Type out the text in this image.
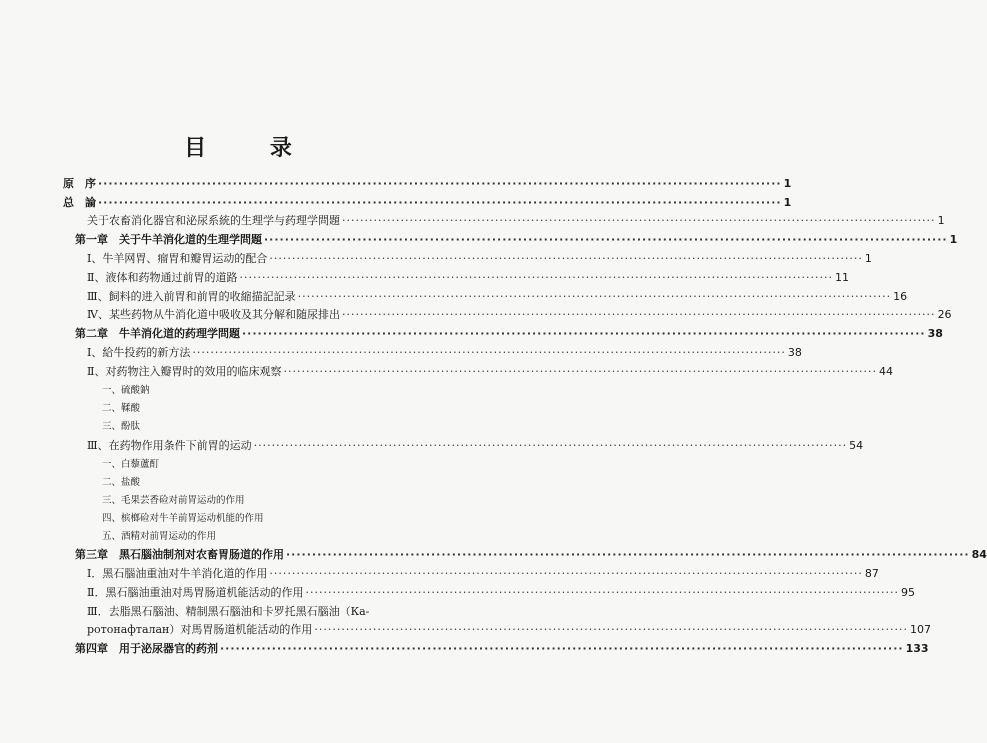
目 录
原　序 ·····	1
总　論 ·····	1
关于农畜消化器官和泌尿系統的生理学与药理学問題 ·····	1
第一章　关于牛羊消化道的生理学問題 ·····	1
Ⅰ、牛羊网胃、瘤胃和瓣胃运动的配合 ·····	1
Ⅱ、液体和药物通过前胃的道路 ·····	11
Ⅲ、飼料的进入前胃和前胃的收縮描記記录 ·····	16
Ⅳ、某些药物从牛消化道中吸收及其分解和随尿排出 ·····	26
第二章　牛羊消化道的药理学問題 ·····	38
Ⅰ、給牛投药的新方法 ·····	38
Ⅱ、对药物注入瓣胃时的效用的临床观察 ·····	44
一、硫酸鈉
二、鞣酸
三、酚肽
Ⅲ、在药物作用条件下前胃的运动 ·····	54
一、白藜蘆酊
二、盐酸
三、毛果芸香硷对前胃运动的作用
四、槟榔硷对牛羊前胃运动机能的作用
五、酒精对前胃运动的作用
第三章　黑石腦油制剂对农畜胃肠道的作用 ·····	84
Ⅰ．黑石腦油重油对牛羊消化道的作用 ·····	87
Ⅱ．黑石腦油重油对馬胃肠道机能活动的作用 ·····	95
Ⅲ．去脂黑石腦油、精制黑石腦油和卡罗托黑石腦油（Ка-
ротонафталан）对馬胃肠道机能活动的作用 ·····	107
第四章　用于泌尿器官的药剂 ·····	133
